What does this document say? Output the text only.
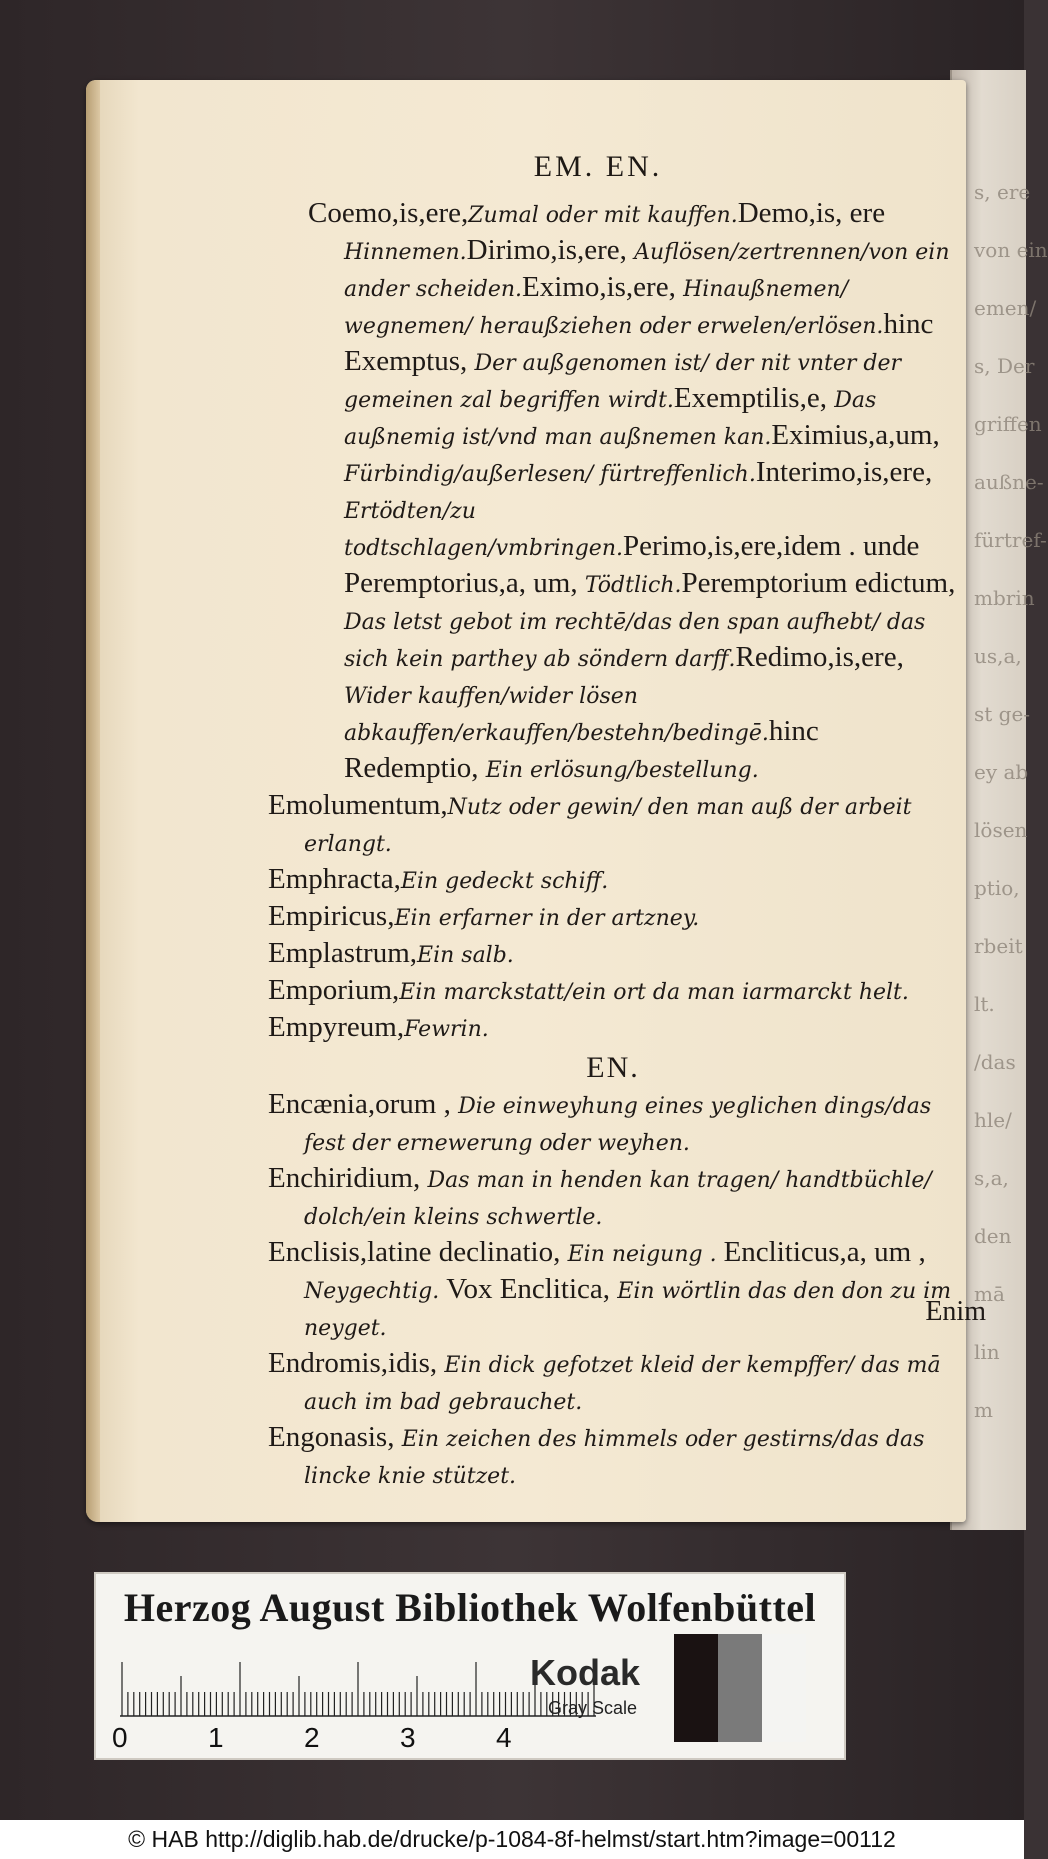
s, ere
von ein
emen/
s, Der
griffen
außne-
fürtref-
mbrin
us,a,
st ge-
ey ab
lösen
ptio,
rbeit
lt.
/das
hle/
s,a,
den
mā
lin
m
EM. EN.
Coemo,is,ere,Zumal oder mit kauffen.Demo,is, ere Hinnemen.Dirimo,is,ere, Auflösen/zertrennen/von ein ander scheiden.Eximo,is,ere, Hinaußnemen/ wegnemen/ heraußziehen oder erwelen/erlösen.hinc Exemptus, Der außgenomen ist/ der nit vnter der gemeinen zal begriffen wirdt.Exemptilis,e, Das außnemig ist/vnd man außnemen kan.Eximius,a,um, Fürbindig/außerlesen/ fürtreffenlich.Interimo,is,ere, Ertödten/zu todtschlagen/vmbringen.Perimo,is,ere,idem . unde Peremptorius,a, um, Tödtlich.Peremptorium edictum, Das letst gebot im rechtē/das den span aufhebt/ das sich kein parthey ab söndern darff.Redimo,is,ere, Wider kauffen/wider lösen abkauffen/erkauffen/bestehn/bedingē.hinc Redemptio, Ein erlösung/bestellung.
Emolumentum,Nutz oder gewin/ den man auß der arbeit erlangt.
Emphracta,Ein gedeckt schiff.
Empiricus,Ein erfarner in der artzney.
Emplastrum,Ein salb.
Emporium,Ein marckstatt/ein ort da man iarmarckt helt.
Empyreum,Fewrin.
EN.
Encænia,orum , Die einweyhung eines yeglichen dings/das fest der ernewerung oder weyhen.
Enchiridium, Das man in henden kan tragen/ handtbüchle/ dolch/ein kleins schwertle.
Enclisis,latine declinatio, Ein neigung . Encliticus,a, um , Neygechtig. Vox Enclitica, Ein wörtlin das den don zu im neyget.
Endromis,idis, Ein dick gefotzet kleid der kempffer/ das mā auch im bad gebrauchet.
Engonasis, Ein zeichen des himmels oder gestirns/das das lincke knie stützet.
Enim
Herzog August Bibliothek Wolfenbüttel
0	1	2	3	4
Kodak
Gray Scale
© HAB http://diglib.hab.de/drucke/p-1084-8f-helmst/start.htm?image=00112
